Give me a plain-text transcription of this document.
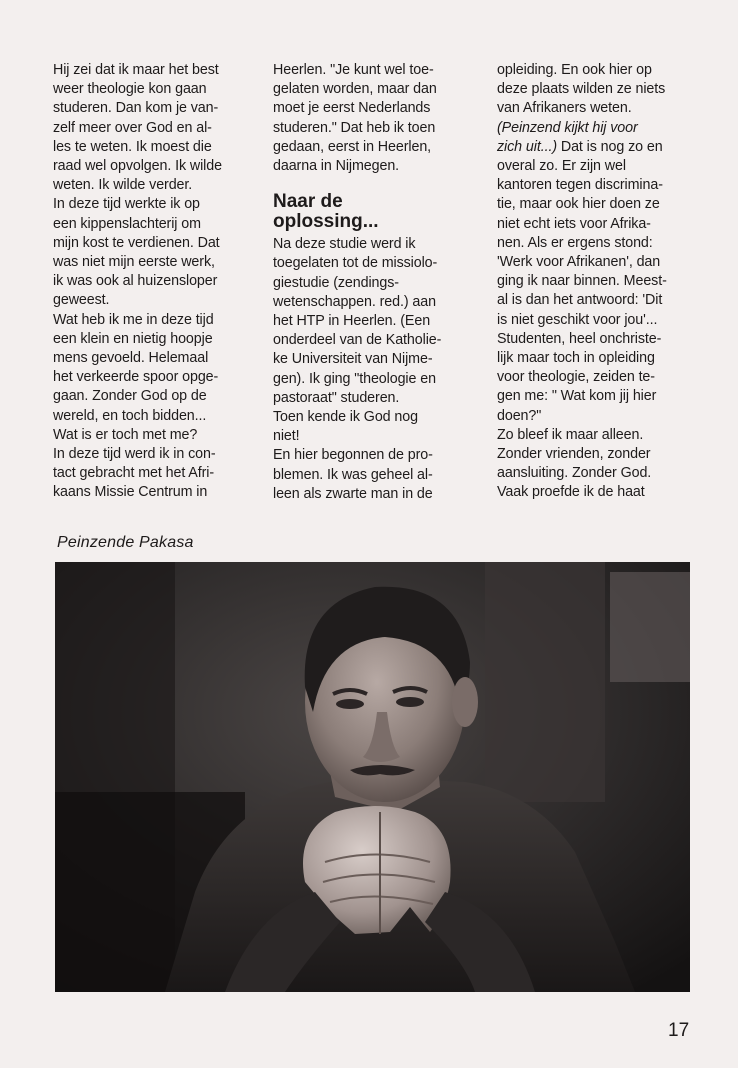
Hij zei dat ik maar het best

weer theologie kon gaan

studeren. Dan kom je van-

zelf meer over God en al-

les te weten. Ik moest die

raad wel opvolgen. Ik wilde

weten. Ik wilde verder.

In deze tijd werkte ik op

een kippenslachterij om

mijn kost te verdienen. Dat

was niet mijn eerste werk,

ik was ook al huizensloper

geweest.

Wat heb ik me in deze tijd

een klein en nietig hoopje

mens gevoeld. Helemaal

het verkeerde spoor opge-

gaan. Zonder God op de

wereld, en toch bidden...

Wat is er toch met me?

In deze tijd werd ik in con-

tact gebracht met het Afri-

kaans Missie Centrum in

Heerlen. "Je kunt wel toe-

gelaten worden, maar dan

moet je eerst Nederlands

studeren." Dat heb ik toen

gedaan, eerst in Heerlen,

daarna in Nijmegen.

Naar de
oplossing...

Na deze studie werd ik

toegelaten tot de missiolo-

giestudie (zendings-

wetenschappen. red.) aan

het HTP in Heerlen. (Een

onderdeel van de Katholie-

ke Universiteit van Nijme-

gen). Ik ging "theologie en

pastoraat" studeren.

Toen kende ik God nog

niet!

En hier begonnen de pro-

blemen. Ik was geheel al-

leen als zwarte man in de

opleiding. En ook hier op

deze plaats wilden ze niets

van Afrikaners weten.

(Peinzend kijkt hij voor

zich uit...) Dat is nog zo en

overal zo. Er zijn wel

kantoren tegen discrimina-

tie, maar ook hier doen ze

niet echt iets voor Afrika-

nen. Als er ergens stond:

'Werk voor Afrikanen', dan

ging ik naar binnen. Meest-

al is dan het antwoord: 'Dit

is niet geschikt voor jou'...

Studenten, heel onchriste-

lijk maar toch in opleiding

voor theologie, zeiden te-

gen me: " Wat kom jij hier

doen?"

Zo bleef ik maar alleen.

Zonder vrienden, zonder

aansluiting. Zonder God.

Vaak proefde ik de haat

Peinzende Pakasa
17
